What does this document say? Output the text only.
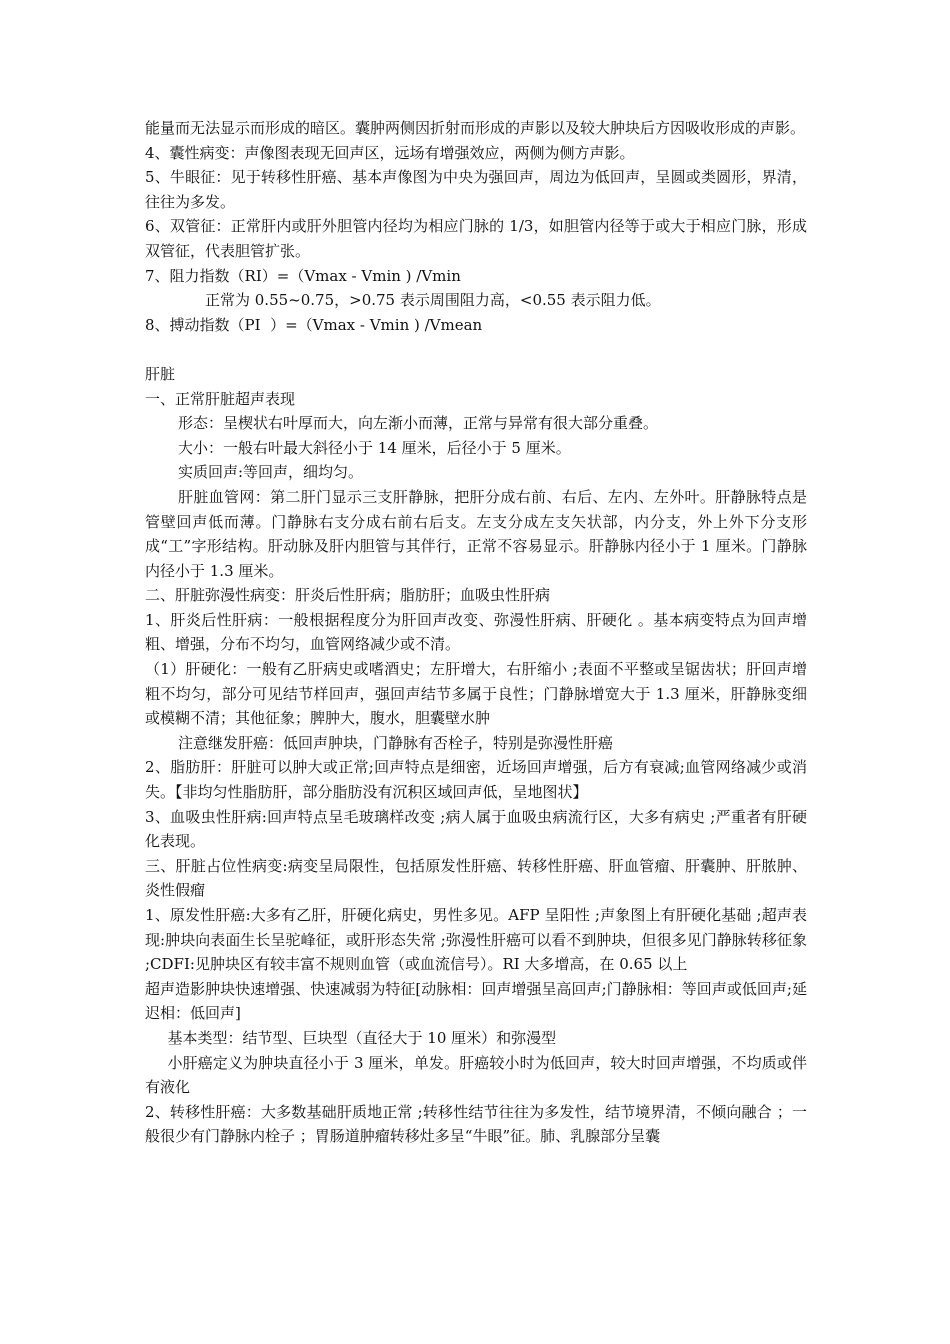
能量而无法显示而形成的暗区。囊肿两侧因折射而形成的声影以及较大肿块后方因吸收形成的声影。

4、囊性病变：声像图表现无回声区，远场有增强效应，两侧为侧方声影。

5、牛眼征：见于转移性肝癌、基本声像图为中央为强回声，周边为低回声，呈圆或类圆形，界清，往往为多发。

6、双管征：正常肝内或肝外胆管内径均为相应门脉的 1/3，如胆管内径等于或大于相应门脉，形成双管征，代表胆管扩张。

7、阻力指数（RI）=（Vmax - Vmin ) /Vmin

正常为 0.55~0.75，>0.75 表示周围阻力高，<0.55 表示阻力低。

8、搏动指数（PI  ）=（Vmax - Vmin ) /Vmean

肝脏

一、正常肝脏超声表现

形态：呈楔状右叶厚而大，向左渐小而薄，正常与异常有很大部分重叠。

大小：一般右叶最大斜径小于 14 厘米，后径小于 5 厘米。

实质回声:等回声，细均匀。

肝脏血管网：第二肝门显示三支肝静脉，把肝分成右前、右后、左内、左外叶。肝静脉特点是管壁回声低而薄。门静脉右支分成右前右后支。左支分成左支矢状部，内分支，外上外下分支形成“工”字形结构。肝动脉及肝内胆管与其伴行，正常不容易显示。肝静脉内径小于 1 厘米。门静脉内径小于 1.3 厘米。

二、肝脏弥漫性病变：肝炎后性肝病；脂肪肝；血吸虫性肝病

1、肝炎后性肝病：一般根据程度分为肝回声改变、弥漫性肝病、肝硬化 。基本病变特点为回声增粗、增强，分布不均匀，血管网络减少或不清。

（1）肝硬化：一般有乙肝病史或嗜酒史；左肝增大，右肝缩小 ;表面不平整或呈锯齿状；肝回声增粗不均匀，部分可见结节样回声，强回声结节多属于良性；门静脉增宽大于 1.3 厘米，肝静脉变细或模糊不清；其他征象；脾肿大，腹水，胆囊壁水肿

注意继发肝癌：低回声肿块，门静脉有否栓子，特别是弥漫性肝癌

2、脂肪肝：肝脏可以肿大或正常;回声特点是细密，近场回声增强，后方有衰减;血管网络减少或消失。【非均匀性脂肪肝，部分脂肪没有沉积区域回声低，呈地图状】

3、血吸虫性肝病:回声特点呈毛玻璃样改变 ;病人属于血吸虫病流行区，大多有病史 ;严重者有肝硬化表现。

三、肝脏占位性病变:病变呈局限性，包括原发性肝癌、转移性肝癌、肝血管瘤、肝囊肿、肝脓肿、炎性假瘤

1、原发性肝癌:大多有乙肝，肝硬化病史，男性多见。AFP 呈阳性 ;声象图上有肝硬化基础 ;超声表现:肿块向表面生长呈驼峰征，或肝形态失常 ;弥漫性肝癌可以看不到肿块，但很多见门静脉转移征象 ;CDFI:见肿块区有较丰富不规则血管（或血流信号）。RI 大多增高，在 0.65 以上

超声造影肿块快速增强、快速减弱为特征[动脉相：回声增强呈高回声;门静脉相：等回声或低回声;延迟相：低回声]

基本类型：结节型、巨块型（直径大于 10 厘米）和弥漫型

小肝癌定义为肿块直径小于 3 厘米，单发。肝癌较小时为低回声，较大时回声增强，不均质或伴有液化

2、转移性肝癌：大多数基础肝质地正常 ;转移性结节往往为多发性，结节境界清，不倾向融合 ；一般很少有门静脉内栓子 ；胃肠道肿瘤转移灶多呈“牛眼”征。肺、乳腺部分呈囊
